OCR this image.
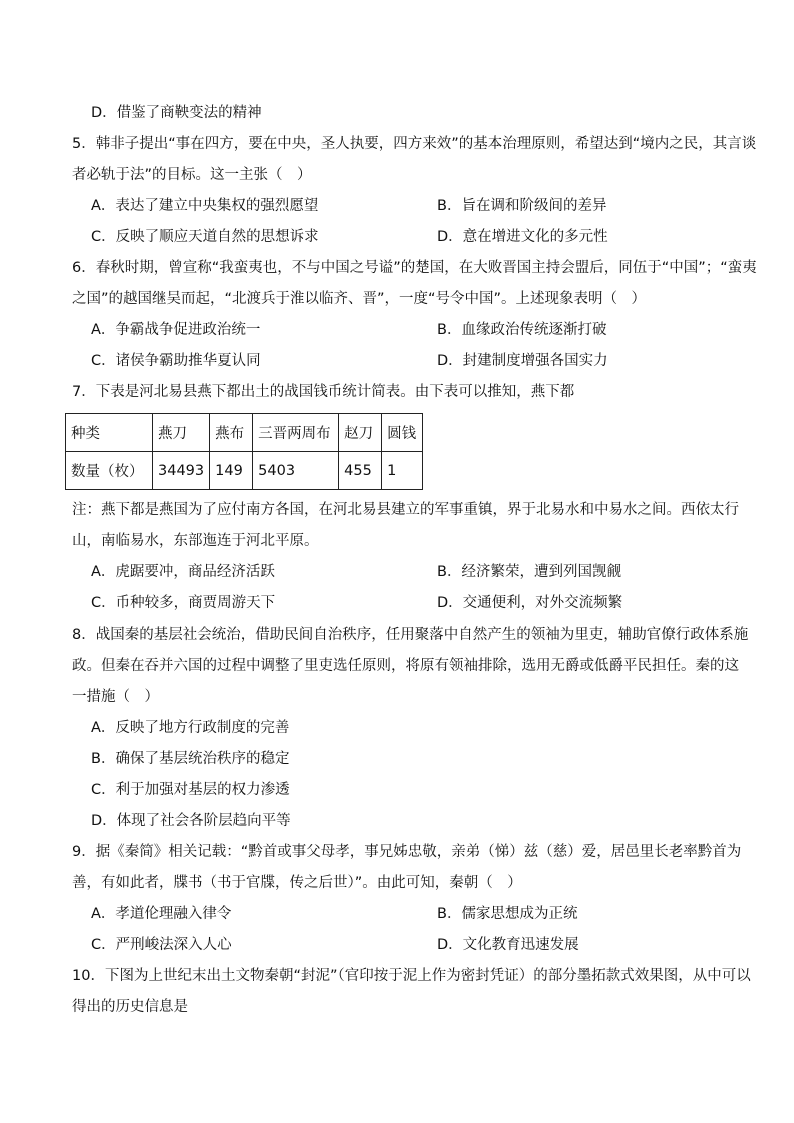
D．借鉴了商鞅变法的精神
5．韩非子提出“事在四方，要在中央，圣人执要，四方来效”的基本治理原则，希望达到“境内之民，其言谈
者必轨于法”的目标。这一主张（　）
A．表达了建立中央集权的强烈愿望	B．旨在调和阶级间的差异
C．反映了顺应天道自然的思想诉求	D．意在增进文化的多元性
6．春秋时期，曾宣称“我蛮夷也，不与中国之号谥”的楚国，在大败晋国主持会盟后，同伍于“中国”；“蛮夷
之国”的越国继吴而起，“北渡兵于淮以临齐、晋”，一度“号令中国”。上述现象表明（　）
A．争霸战争促进政治统一	B．血缘政治传统逐渐打破
C．诸侯争霸助推华夏认同	D．封建制度增强各国实力
7．下表是河北易县燕下都出土的战国钱币统计简表。由下表可以推知，燕下都
种类	燕刀	燕布	三晋两周布	赵刀	圆钱
数量（枚）	34493	149	5403	455	1
注：燕下都是燕国为了应付南方各国，在河北易县建立的军事重镇，界于北易水和中易水之间。西依太行
山，南临易水，东部迤连于河北平原。
A．虎踞要冲，商品经济活跃	B．经济繁荣，遭到列国觊觎
C．币种较多，商贾周游天下	D．交通便利，对外交流频繁
8．战国秦的基层社会统治，借助民间自治秩序，任用聚落中自然产生的领袖为里吏，辅助官僚行政体系施
政。但秦在吞并六国的过程中调整了里吏选任原则，将原有领袖排除，选用无爵或低爵平民担任。秦的这
一措施（　）
A．反映了地方行政制度的完善
B．确保了基层统治秩序的稳定
C．利于加强对基层的权力渗透
D．体现了社会各阶层趋向平等
9．据《秦简》相关记载：“黔首或事父母孝，事兄姊忠敬，亲弟（悌）兹（慈）爱，居邑里长老率黔首为
善，有如此者，牒书（书于官牒，传之后世）”。由此可知，秦朝（　）
A．孝道伦理融入律令	B．儒家思想成为正统
C．严刑峻法深入人心	D．文化教育迅速发展
10．下图为上世纪末出土文物秦朝“封泥”（官印按于泥上作为密封凭证）的部分墨拓款式效果图，从中可以
得出的历史信息是
